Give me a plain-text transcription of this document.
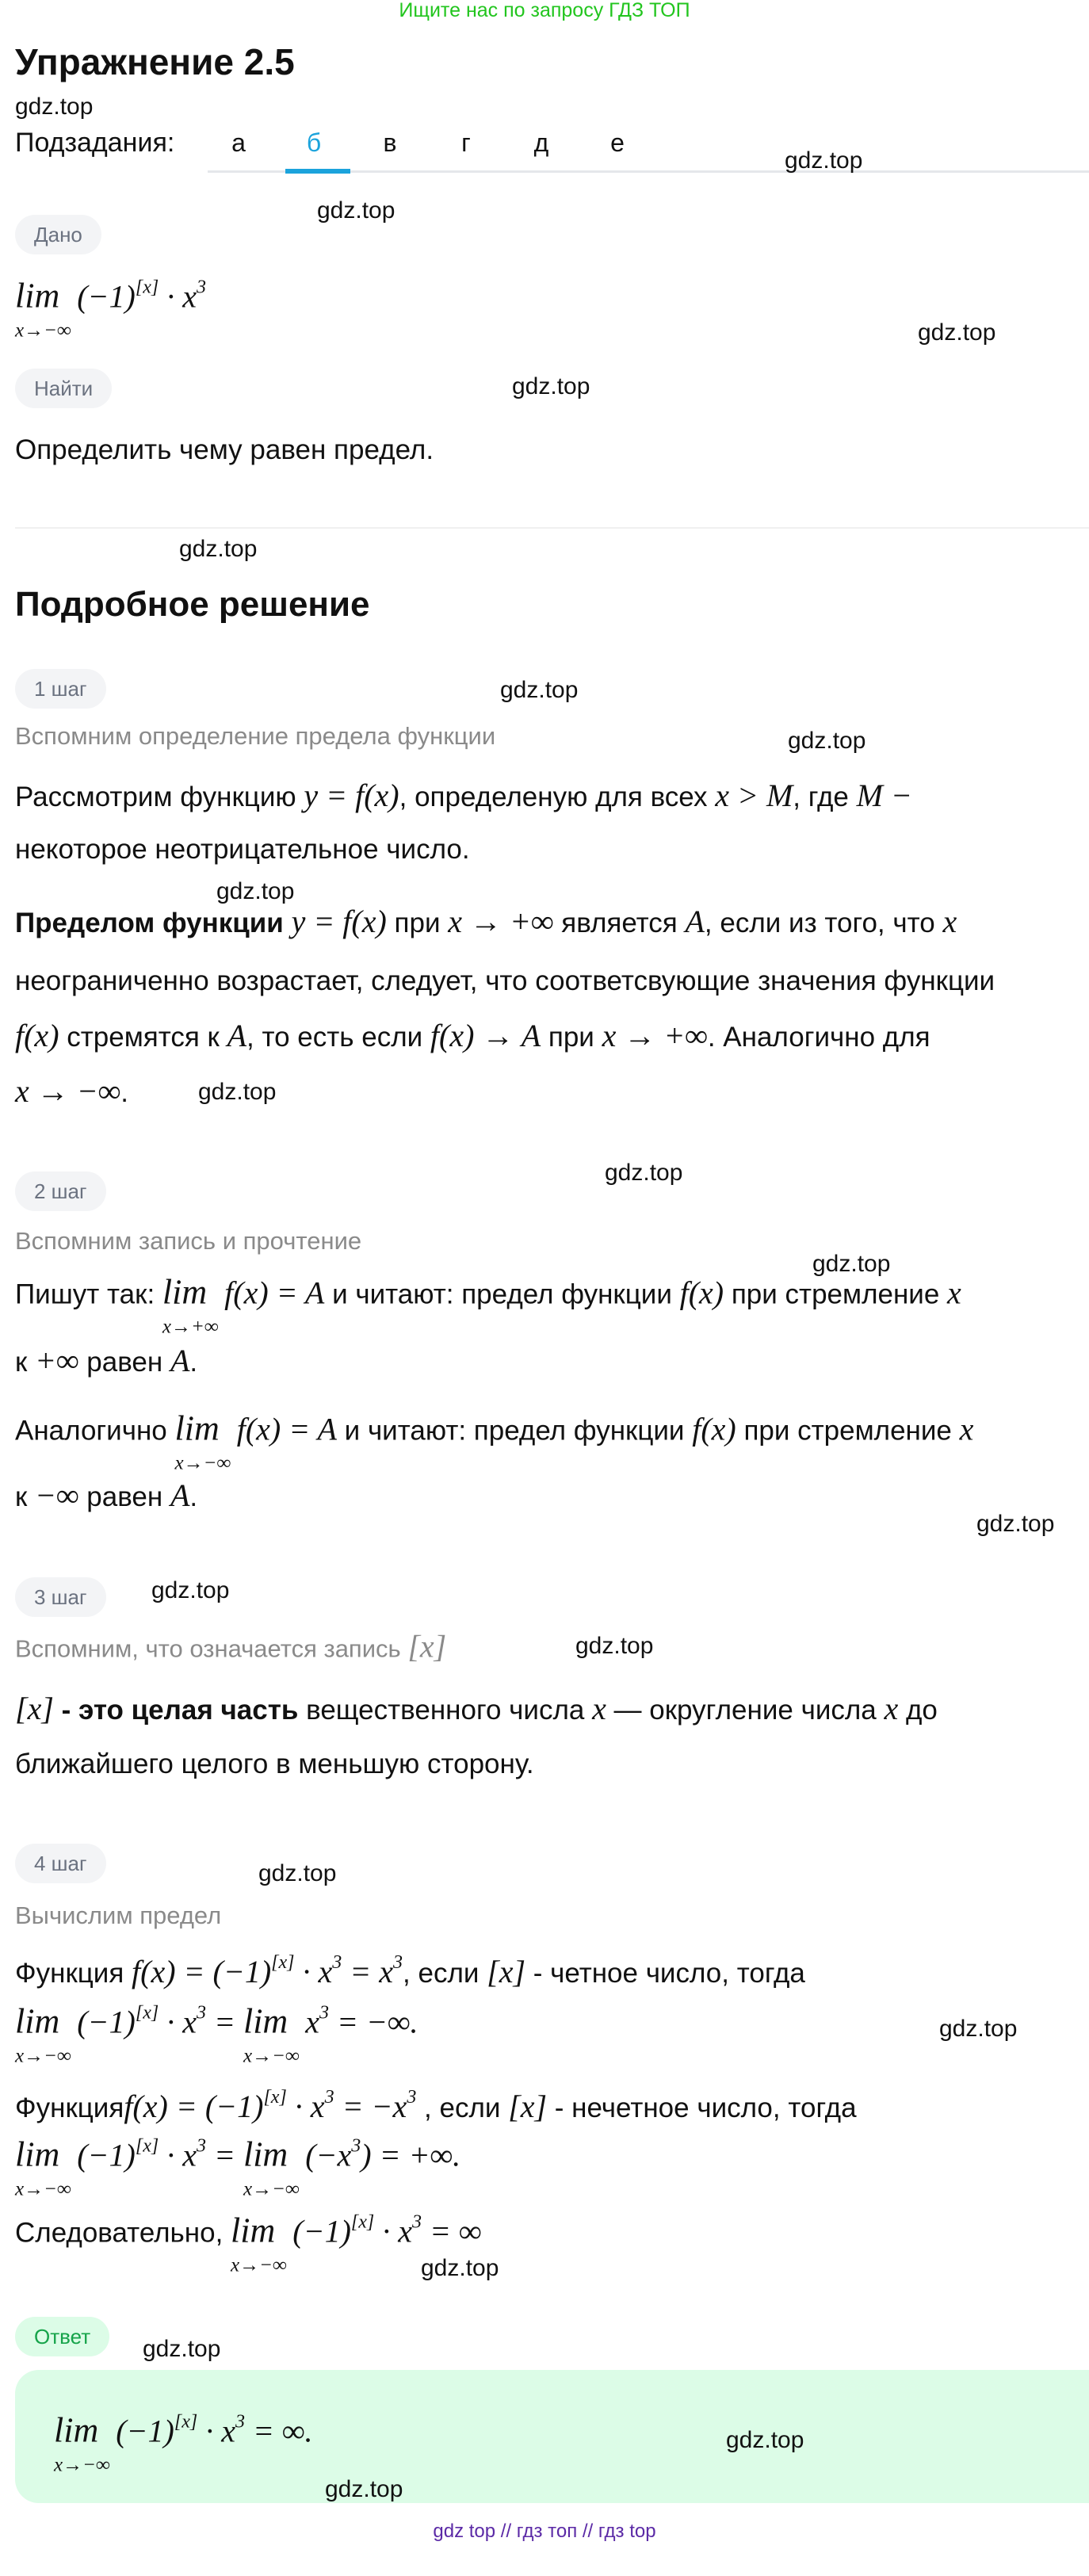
Ищите нас по запросу ГДЗ ТОП
Упражнение 2.5
Подзадания: а б в	г д е
Дано
lim
x→−∞
$(-1)[x] \cdot x^3$
Найти
Определить чему равен предел.
Подробное решение
1 шаг
Вспомним определение предела функции
Рассмотрим функцию y = f(x), определеную для всех x > M, где M −
некоторое неотрицательное число.
Пределом функции y = f(x) при x → +∞ является A, если из того, что x
неограниченно возрастает, следует, что соответсвующие значения функции
f(x) стремятся к A, то есть если f(x) → A при x → +∞. Аналогично для
x → −∞.
2 шаг
Вспомним запись и прочтение
Пишут так: lim
x→+∞
f(x) = A и читают: предел функции f(x) при стремление x
к +∞ равен A.
Аналогично lim
x→−∞
f(x) = A и читают: предел функции f(x) при стремление x
к −∞ равен A.
3 шаг
Вспомним, что означается запись [x]
[x] - это целая часть вещественного числа x — округление числа x до
ближайшего целого в меньшую сторону.
4 шаг
Вычислим предел
Функция $f(x) = (-1)[x] \cdot x^3 = x^3$, если [x] - четное число, тогда
lim
x→−∞
$(-1)[x] \cdot x^3 = \lim$
x→−∞
$x^3$ = −∞.
Функцияf(x) = $(-1)[x] \cdot x^3 = -x^3$ , если [x] - нечетное число, тогда
lim
x→−∞
$(-1)[x] \cdot x^3 = \lim$
x→−∞
$(-x^3)$ = +∞.
Следовательно, lim
x→−∞
$(-1)[x] \cdot x^3$ = ∞
Ответ
lim
x→−∞
$(-1)[x] \cdot x^3$ = ∞.
gdz.top
gdz.top
gdz.top
gdz.top
gdz.top
gdz.top
gdz.top
gdz.top
gdz.top
gdz.top
gdz.top
gdz.top
gdz.top
gdz.top
gdz.top
gdz.top
gdz.top
gdz.top
gdz.top
gdz.top
gdz.top
gdz top // гдз топ // гдз top
